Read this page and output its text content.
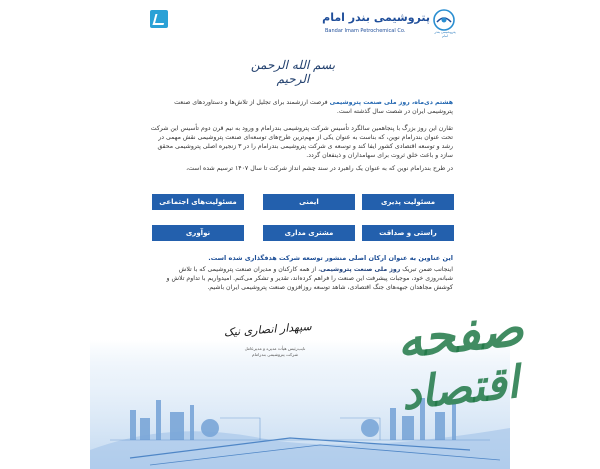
پتروشیمی بندر امام
Bandar Imam Petrochemical Co.	پتروشیمی بندر امام
بسم الله الرحمن الرحیم
هشتم دی‌ماه، روز ملی صنعت پتروشیمی فرصت ارزشمند برای تجلیل از تلاش‌ها و دستاوردهای صنعت پتروشیمی ایران در شصت سال گذشته است.
تقارن این روز بزرگ با پنجاهمین سالگرد تأسیس شرکت پتروشیمی بندرامام و ورود به نیم قرن دوم تأسیس این شرکت تحت عنوان بندرامام نوین، که بناست به عنوان یکی از مهم‌ترین طرح‌های توسعه‌ای صنعت پتروشیمی نقش مهمی در رشد و توسعه اقتصادی کشور ایفا کند و توسعه ی شرکت پتروشیمی بندرامام را در ۳ زنجیره اصلی پتروشیمی محقق سازد و باعث خلق ثروت برای سهامداران و ذینفعان گردد.
در طرح بندرامام نوین که به عنوان یک راهبرد در سند چشم انداز شرکت تا سال ۱۴۰۷ ترسیم شده است،
مسئولیت پذیری
ایمنی
مسئولیت‌های اجتماعی
راستی و صداقت
مشتری مداری
نوآوری
این عناوین به عنوان ارکان اصلی منشور توسعه شرکت هدفگذاری شده است.
اینجانب ضمن تبریک روز ملی صنعت پتروشیمی، از همه کارکنان و مدیران صنعت پتروشیمی که با تلاش شبانه‌روزی خود، موجبات پیشرفت این صنعت را فراهم کرده‌اند، تقدیر و تشکر می‌کنم. امیدواریم با تداوم تلاش و کوشش مجاهدان جبهه‌های جنگ اقتصادی، شاهد توسعه روزافزون صنعت پتروشیمی ایران باشیم.
سپهدار انصاری نیک
نایب‌رئیس هیأت مدیره و مدیرعامل
شرکت پتروشیمی بندرامام	صفحه
اقتصاد
